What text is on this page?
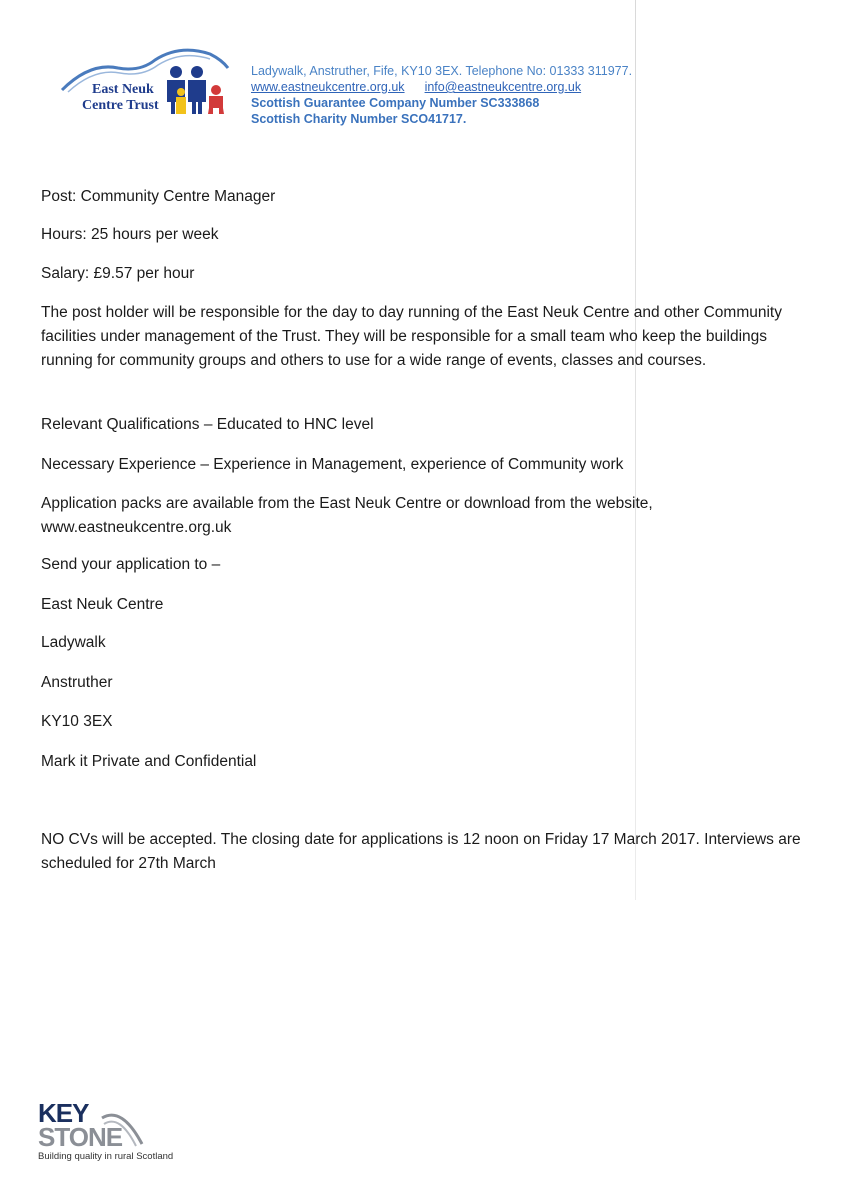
East Neuk
Centre Trust
Ladywalk, Anstruther, Fife, KY10 3EX. Telephone No: 01333 311977.
www.eastneukcentre.org.uk info@eastneukcentre.org.uk
Scottish Guarantee Company Number SC333868
Scottish Charity Number SCO41717.

Post: Community Centre Manager

Hours: 25 hours per week

Salary: £9.57 per hour

The post holder will be responsible for the day to day running of the East Neuk Centre and other Community facilities under management of the Trust. They will be responsible for a small team who keep the buildings running for community groups and others to use for a wide range of events, classes and courses.

Relevant Qualifications – Educated to HNC level

Necessary Experience – Experience in Management, experience of Community work

Application packs are available from the East Neuk Centre or download from the website, www.eastneukcentre.org.uk

Send your application to –

East Neuk Centre

Ladywalk

Anstruther

KY10 3EX

Mark it Private and Confidential

NO CVs will be accepted. The closing date for applications is 12 noon on Friday 17 March 2017. Interviews are scheduled for 27th March

KEY
STONE
Building quality in rural Scotland
